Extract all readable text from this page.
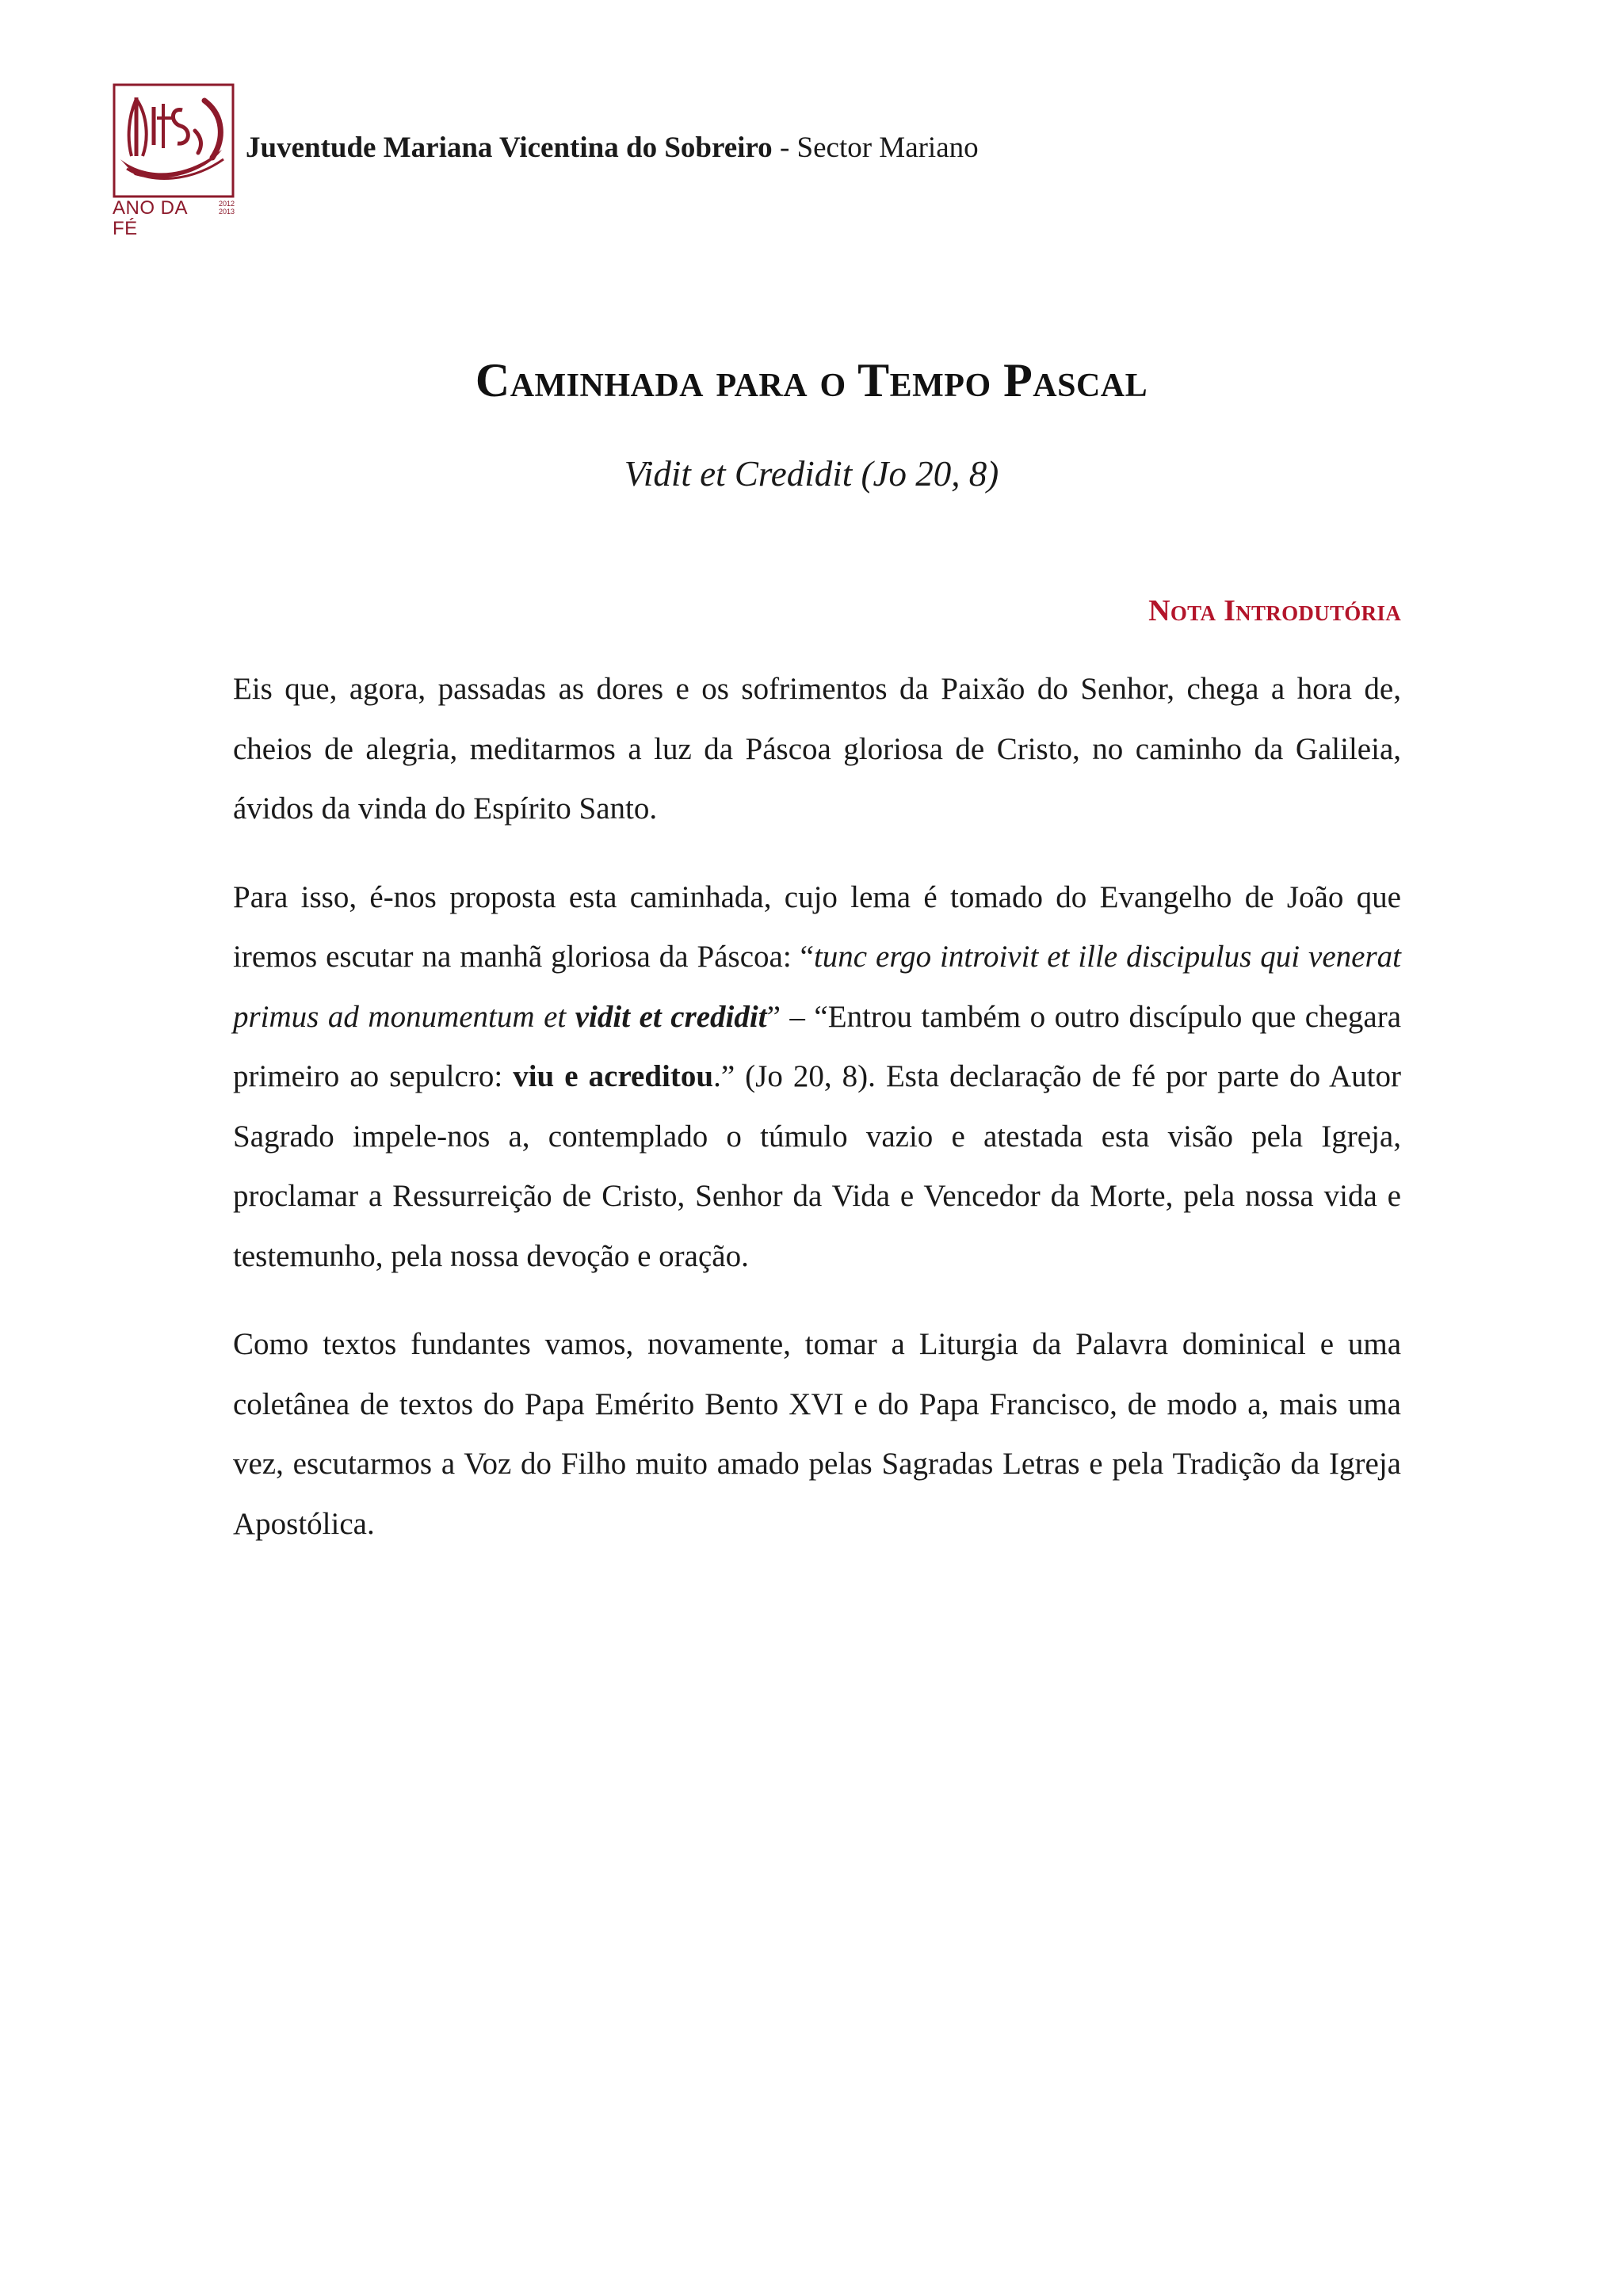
ANO DA FÉ
2012
2013
Juventude Mariana Vicentina do Sobreiro - Sector Mariano
Caminhada para o Tempo Pascal
Vidit et Credidit (Jo 20, 8)
Nota Introdutória

Eis que, agora, passadas as dores e os sofrimentos da Paixão do Senhor, chega a hora de, cheios de alegria, meditarmos a luz da Páscoa gloriosa de Cristo, no caminho da Galileia, ávidos da vinda do Espírito Santo.

Para isso, é-nos proposta esta caminhada, cujo lema é tomado do Evangelho de João que iremos escutar na manhã gloriosa da Páscoa: “tunc ergo introivit et ille discipulus qui venerat primus ad monumentum et vidit et credidit” – “Entrou também o outro discípulo que chegara primeiro ao sepulcro: viu e acreditou.” (Jo 20, 8). Esta declaração de fé por parte do Autor Sagrado impele-nos a, contemplado o túmulo vazio e atestada esta visão pela Igreja, proclamar a Ressurreição de Cristo, Senhor da Vida e Vencedor da Morte, pela nossa vida e testemunho, pela nossa devoção e oração.

Como textos fundantes vamos, novamente, tomar a Liturgia da Palavra dominical e uma coletânea de textos do Papa Emérito Bento XVI e do Papa Francisco, de modo a, mais uma vez, escutarmos a Voz do Filho muito amado pelas Sagradas Letras e pela Tradição da Igreja Apostólica.
